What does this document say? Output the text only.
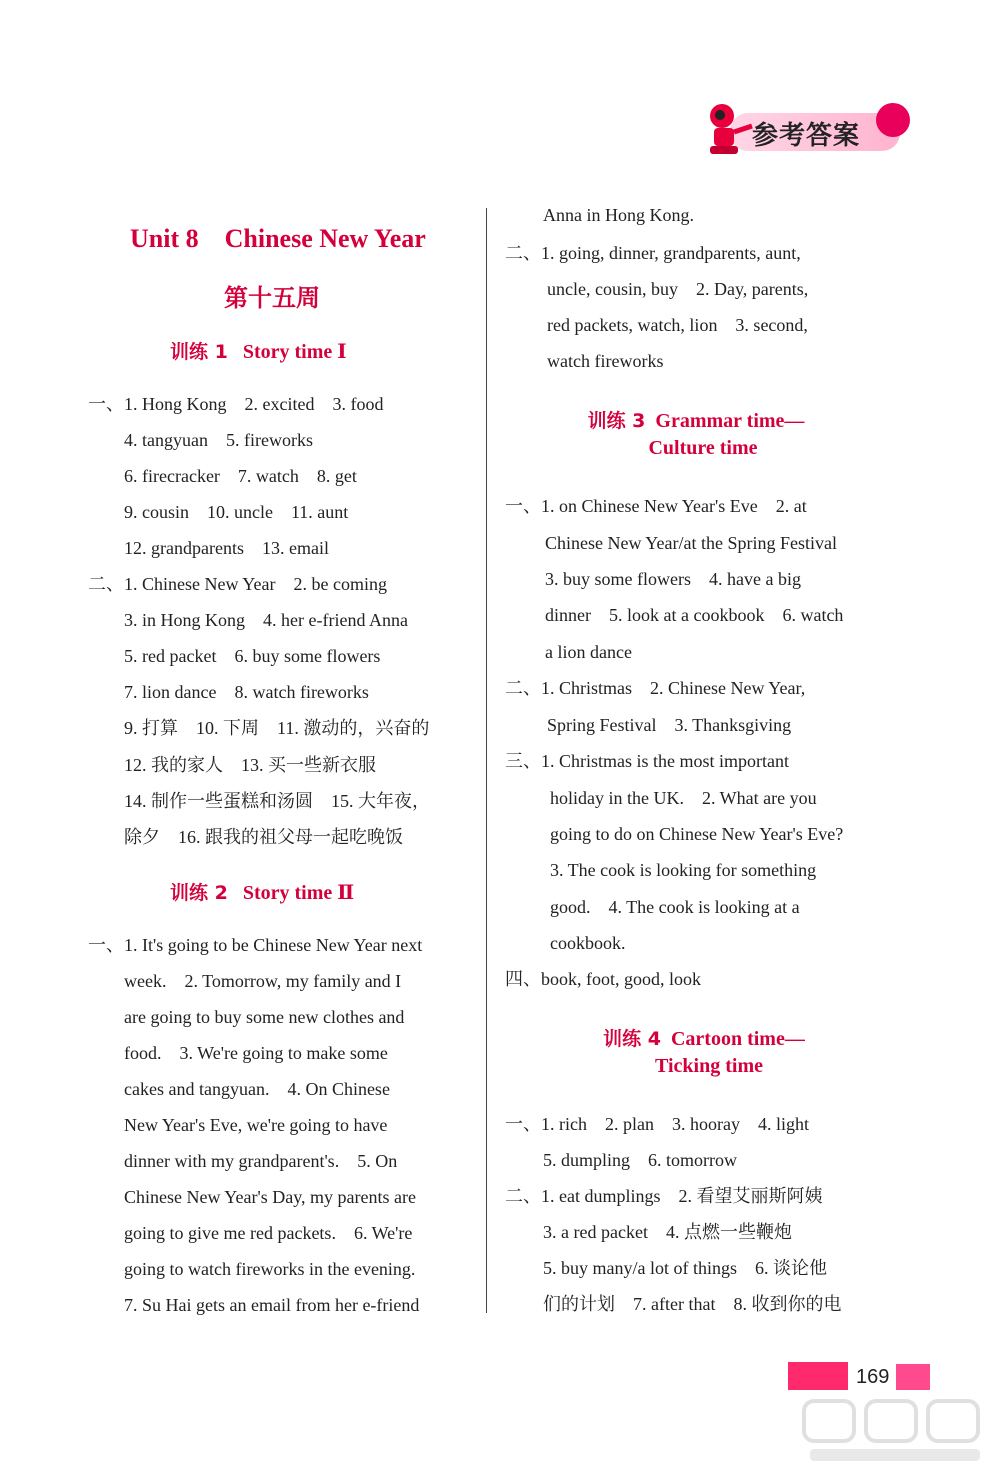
参考答案
Unit 8　Chinese New Year
第十五周
训练 1 Story time Ⅰ
一、1. Hong Kong　2. excited　3. food
4. tangyuan　5. fireworks
6. firecracker　7. watch　8. get
9. cousin　10. uncle　11. aunt
12. grandparents　13. email
二、1. Chinese New Year　2. be coming
3. in Hong Kong　4. her e-friend Anna
5. red packet　6. buy some flowers
7. lion dance　8. watch fireworks
9. 打算　10. 下周　11. 激动的，兴奋的
12. 我的家人　13. 买一些新衣服
14. 制作一些蛋糕和汤圆　15. 大年夜，
除夕　16. 跟我的祖父母一起吃晚饭
训练 2 Story time Ⅱ
一、1. It's going to be Chinese New Year next
week.　2. Tomorrow, my family and I
are going to buy some new clothes and
food.　3. We're going to make some
cakes and tangyuan.　4. On Chinese
New Year's Eve, we're going to have
dinner with my grandparent's.　5. On
Chinese New Year's Day, my parents are
going to give me red packets.　6. We're
going to watch fireworks in the evening.
7. Su Hai gets an email from her e-friend
Anna in Hong Kong.
二、1. going, dinner, grandparents, aunt,
uncle, cousin, buy　2. Day, parents,
red packets, watch, lion　3. second,
watch fireworks
训练 3 Grammar time—
Culture time
一、1. on Chinese New Year's Eve　2. at
Chinese New Year/at the Spring Festival
3. buy some flowers　4. have a big
dinner　5. look at a cookbook　6. watch
a lion dance
二、1. Christmas　2. Chinese New Year,
Spring Festival　3. Thanksgiving
三、1. Christmas is the most important
holiday in the UK.　2. What are you
going to do on Chinese New Year's Eve?
3. The cook is looking for something
good.　4. The cook is looking at a
cookbook.
四、book, foot, good, look
训练 4 Cartoon time—
Ticking time
一、1. rich　2. plan　3. hooray　4. light
5. dumpling　6. tomorrow
二、1. eat dumplings　2. 看望艾丽斯阿姨
3. a red packet　4. 点燃一些鞭炮
5. buy many/a lot of things　6. 谈论他
们的计划　7. after that　8. 收到你的电
169
